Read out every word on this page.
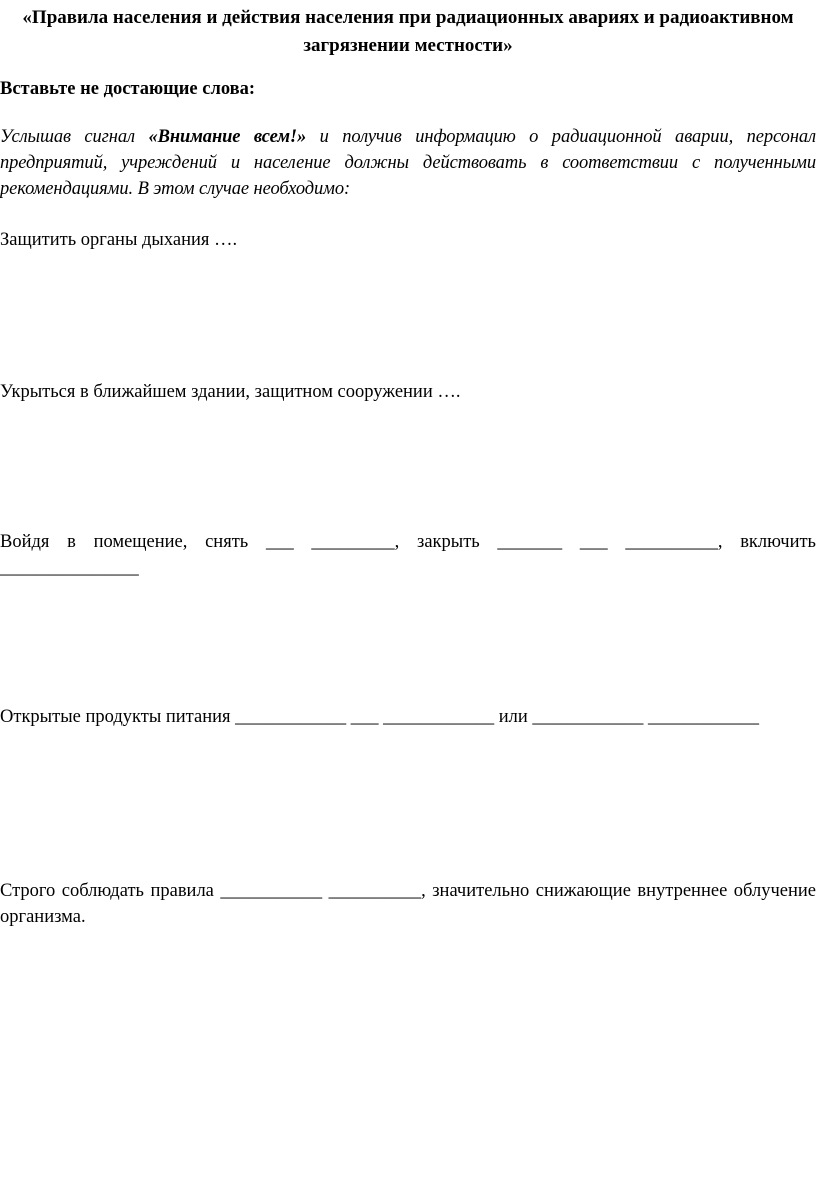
«Правила населения и действия населения при радиационных авариях и радиоактивном загрязнении местности»

Вставьте не достающие слова:

Услышав сигнал «Внимание всем!» и получив информацию о радиационной аварии, персонал предприятий, учреждений и население должны действовать в соответствии с полученными рекомендациями. В этом случае необходимо:

Защитить органы дыхания ….

Укрыться в ближайшем здании, защитном сооружении ….

Войдя в помещение, снять ___ _________, закрыть _______ ___ __________, включить _______________

Открытые продукты питания ____________ ___ ____________ или ____________ ____________

Строго соблюдать правила ___________ __________, значительно снижающие внутреннее облучение организма.
